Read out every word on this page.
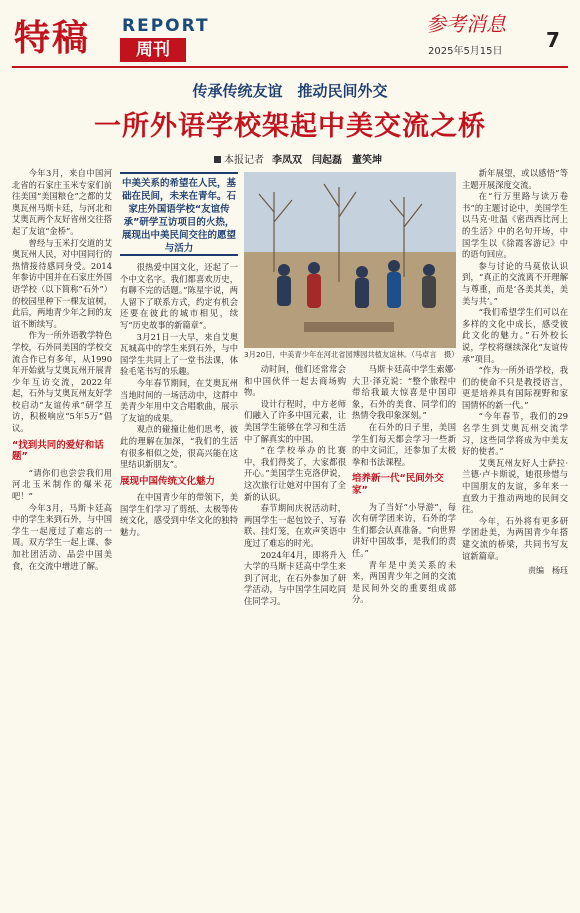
特稿 REPORT
周刊
参考消息
2025年5月15日 7
传承传统友谊　推动民间外交
一所外语学校架起中美交流之桥
本报记者 李凤双　闫起磊　董笑坤

今年3月，来自中国河北省的石家庄玉米专家们前往美国“美国粮仓”之都的艾奥瓦州马斯卡廷，与河北和艾奥瓦两个友好省州交往搭起了友谊“金桥”。

曾经与玉米打交道的艾奥瓦州人民，对中国同行的热情接待感同身受。2014年参访中国并在石家庄外国语学校（以下简称“石外”）的校园里种下一棵友谊树，此后，两地青少年之间的友谊不断续写。

作为一所外语教学特色学校，石外同美国的学校交流合作已有多年，从1990年开始就与艾奥瓦州开展青少年互访交流，2022年起，石外与艾奥瓦州友好学校启动“友谊传承”研学互访，积极响应“5年5万”倡议。

“找到共同的爱好和话题”

“请你们也尝尝我们用河北玉米制作的爆米花吧！”

今年3月，马斯卡廷高中的学生来到石外，与中国学生一起度过了难忘的一周。双方学生一起上课、参加社团活动、品尝中国美食，在交流中增进了解。

中美关系的希望在人民，基础在民间，未来在青年。石家庄外国语学校“友谊传承”研学互访项目的火热，展现出中美民间交往的愿望与活力

很热爱中国文化，还起了一个中文名字。我们都喜欢历史，有聊不完的话题。”陈星宇说，两人留下了联系方式，约定有机会还要在彼此的城市相见，续写“历史故事的新篇章”。

3月21日一大早，来自艾奥瓦城高中的学生来到石外，与中国学生共同上了一堂书法课，体验毛笔书写的乐趣。

今年春节期间，在艾奥瓦州当地时间的一场活动中，这群中美青少年用中文合唱歌曲，展示了友谊的成果。

观点的碰撞让他们思考，彼此的理解在加深，“我们的生活有很多相似之处，很高兴能在这里结识新朋友”。

展现中国传统文化魅力

在中国青少年的带领下，美国学生们学习了剪纸、太极等传统文化，感受到中华文化的独特魅力。

3月20日，中美青少年在河北省园博园共植友谊林。（马卓言　摄）

动时间，他们还常常会和中国伙伴一起去商场购物。

设计行程时，中方老师们融入了许多中国元素，让美国学生能够在学习和生活中了解真实的中国。

“在学校举办的比赛中，我们得奖了，大家都很开心。”美国学生克洛伊说，这次旅行让她对中国有了全新的认识。

春节期间庆祝活动时，两国学生一起包饺子、写春联、挂灯笼，在欢声笑语中度过了难忘的时光。

2024年4月，即将升入大学的马斯卡廷高中学生来到了河北，在石外参加了研学活动，与中国学生同吃同住同学习。

马斯卡廷高中学生索娜·大卫·泽克说：“整个旅程中带给我最大惊喜是中国印象，石外的美食、同学们的热情令我印象深刻。”

在石外的日子里，美国学生们每天都会学习一些新的中文词汇，还参加了太极拳和书法课程。

培养新一代“民间外交家”

为了当好“小导游”，每次有研学团来访，石外的学生们都会认真准备。“向世界讲好中国故事，是我们的责任。”

青年是中美关系的未来，两国青少年之间的交流是民间外交的重要组成部分。

新年展望，或以感悟”等主题开展深度交流。

在“行万里路与读万卷书”的主题讨论中，美国学生以马克·吐温《密西西比河上的生活》中的名句开场，中国学生以《徐霞客游记》中的语句回应。

参与讨论的马莫依认识到，“真正的交流离不开理解与尊重，而是‘各美其美，美美与共’。”

“我们希望学生们可以在多样的文化中成长，感受彼此文化的魅力。”石外校长说，学校将继续深化“友谊传承”项目。

“作为一所外语学校，我们的使命不只是教授语言，更是培养具有国际视野和家国情怀的新一代。”

“今年春节，我们的29名学生到艾奥瓦州交流学习，这些同学将成为中美友好的使者。”

艾奥瓦州友好人士萨拉·兰德·卢卡斯说，她很珍惜与中国朋友的友谊，多年来一直致力于推动两地的民间交往。

今年，石外将有更多研学团赴美，为两国青少年搭建交流的桥梁，共同书写友谊新篇章。

责编　杨珏
